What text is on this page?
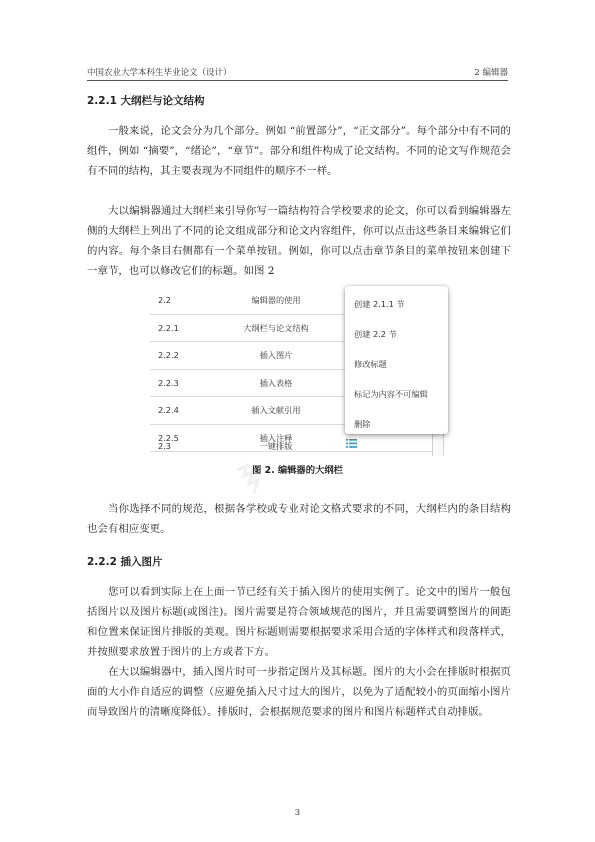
中国农业大学本科生毕业论文（设计）	2 编辑器
2.2.1 大纲栏与论文结构
一般来说，论文会分为几个部分。例如 “前置部分”，“正文部分”。每个部分中有不同的组件，例如 “摘要”，“绪论”，“章节”。部分和组件构成了论文结构。不同的论文写作规范会有不同的结构，其主要表现为不同组件的顺序不一样。
大以编辑器通过大纲栏来引导你写一篇结构符合学校要求的论文，你可以看到编辑器左侧的大纲栏上列出了不同的论文组成部分和论文内容组件，你可以点击这些条目来编辑它们的内容。每个条目右侧都有一个菜单按钮。例如，你可以点击章节条目的菜单按钮来创建下一章节，也可以修改它们的标题。如图 2
2.2	编辑器的使用
2.2.1	大纲栏与论文结构
2.2.2	插入图片
2.2.3	插入表格
2.2.4	插入文献引用
2.2.5	插入注释
2.3	一键排版
创建 2.1.1 节
创建 2.2 节
修改标题
标记为内容不可编辑
删除
图 2. 编辑器的大纲栏
当你选择不同的规范，根据各学校或专业对论文格式要求的不同，大纲栏内的条目结构也会有相应变更。
2.2.2 插入图片
您可以看到实际上在上面一节已经有关于插入图片的使用实例了。论文中的图片一般包括图片以及图片标题(或图注)。图片需要是符合领域规范的图片，并且需要调整图片的间距和位置来保证图片排版的美观。图片标题则需要根据要求采用合适的字体样式和段落样式，并按照要求放置于图片的上方或者下方。
在大以编辑器中，插入图片时可一步指定图片及其标题。图片的大小会在排版时根据页面的大小作自适应的调整（应避免插入尺寸过大的图片，以免为了适配较小的页面缩小图片而导致图片的清晰度降低）。排版时，会根据规范要求的图片和图片标题样式自动排版。
3
